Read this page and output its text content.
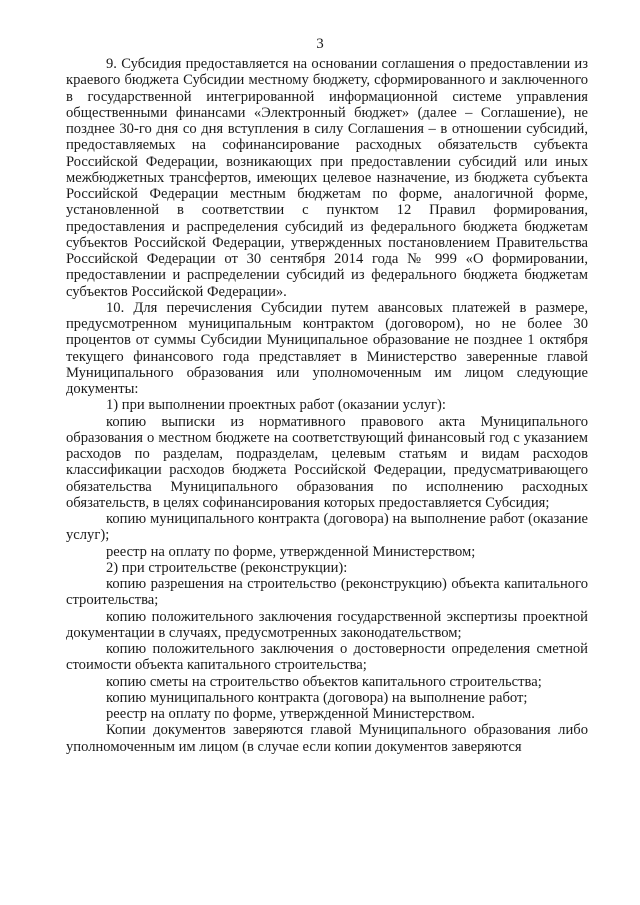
3

9. Субсидия предоставляется на основании соглашения о предоставлении из краевого бюджета Субсидии местному бюджету, сформированного и заключенного в государственной интегрированной информационной системе управления общественными финансами «Электронный бюджет» (далее – Соглашение), не позднее 30-го дня со дня вступления в силу Соглашения – в отношении субсидий, предоставляемых на софинансирование расходных обязательств субъекта Российской Федерации, возникающих при предоставлении субсидий или иных межбюджетных трансфертов, имеющих целевое назначение, из бюджета субъекта Российской Федерации местным бюджетам по форме, аналогичной форме, установленной в соответствии с пунктом 12 Правил формирования, предоставления и распределения субсидий из федерального бюджета бюджетам субъектов Российской Федерации, утвержденных постановлением Правительства Российской Федерации от 30 сентября 2014 года № 999 «О формировании, предоставлении и распределении субсидий из федерального бюджета бюджетам субъектов Российской Федерации».

10. Для перечисления Субсидии путем авансовых платежей в размере, предусмотренном муниципальным контрактом (договором), но не более 30 процентов от суммы Субсидии Муниципальное образование не позднее 1 октября текущего финансового года представляет в Министерство заверенные главой Муниципального образования или уполномоченным им лицом следующие документы:

1) при выполнении проектных работ (оказании услуг):

копию выписки из нормативного правового акта Муниципального образования о местном бюджете на соответствующий финансовый год с указанием расходов по разделам, подразделам, целевым статьям и видам расходов классификации расходов бюджета Российской Федерации, предусматривающего обязательства Муниципального образования по исполнению расходных обязательств, в целях софинансирования которых предоставляется Субсидия;

копию муниципального контракта (договора) на выполнение работ (оказание услуг);

реестр на оплату по форме, утвержденной Министерством;

2) при строительстве (реконструкции):

копию разрешения на строительство (реконструкцию) объекта капитального строительства;

копию положительного заключения государственной экспертизы проектной документации в случаях, предусмотренных законодательством;

копию положительного заключения о достоверности определения сметной стоимости объекта капитального строительства;

копию сметы на строительство объектов капитального строительства;

копию муниципального контракта (договора) на выполнение работ;

реестр на оплату по форме, утвержденной Министерством.

Копии документов заверяются главой Муниципального образования либо уполномоченным им лицом (в случае если копии документов заверяются
